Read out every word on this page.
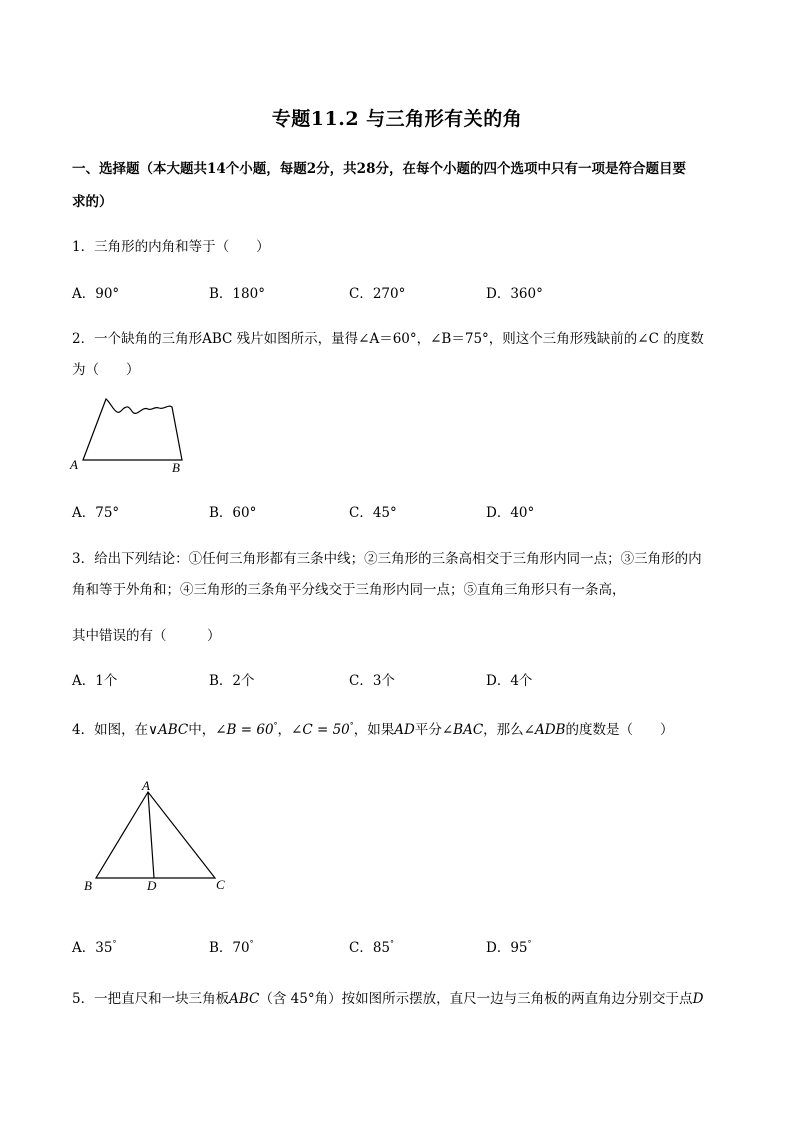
专题11.2 与三角形有关的角
一、选择题（本大题共14个小题，每题2分，共28分，在每个小题的四个选项中只有一项是符合题目要
求的）
1．三角形的内角和等于（　　）
A．90°	B．180°	C．270°	D．360°
2．一个缺角的三角形ABC 残片如图所示，量得∠A＝60°，∠B＝75°，则这个三角形残缺前的∠C 的度数
为（　　）
A	B
A．75°	B．60°	C．45°	D．40°
3．给出下列结论：①任何三角形都有三条中线；②三角形的三条高相交于三角形内同一点；③三角形的内
角和等于外角和；④三角形的三条角平分线交于三角形内同一点；⑤直角三角形只有一条高，
其中错误的有（　　　）
A．1个	B．2个	C．3个	D．4个
4．如图，在∨ABC中，∠B = 60°，∠C = 50°，如果AD平分∠BAC，那么∠ADB的度数是（　　）
A
B	D	C
A．35°	B．70°	C．85°	D．95°
5．一把直尺和一块三角板ABC（含 45°角）按如图所示摆放，直尺一边与三角板的两直角边分别交于点D
